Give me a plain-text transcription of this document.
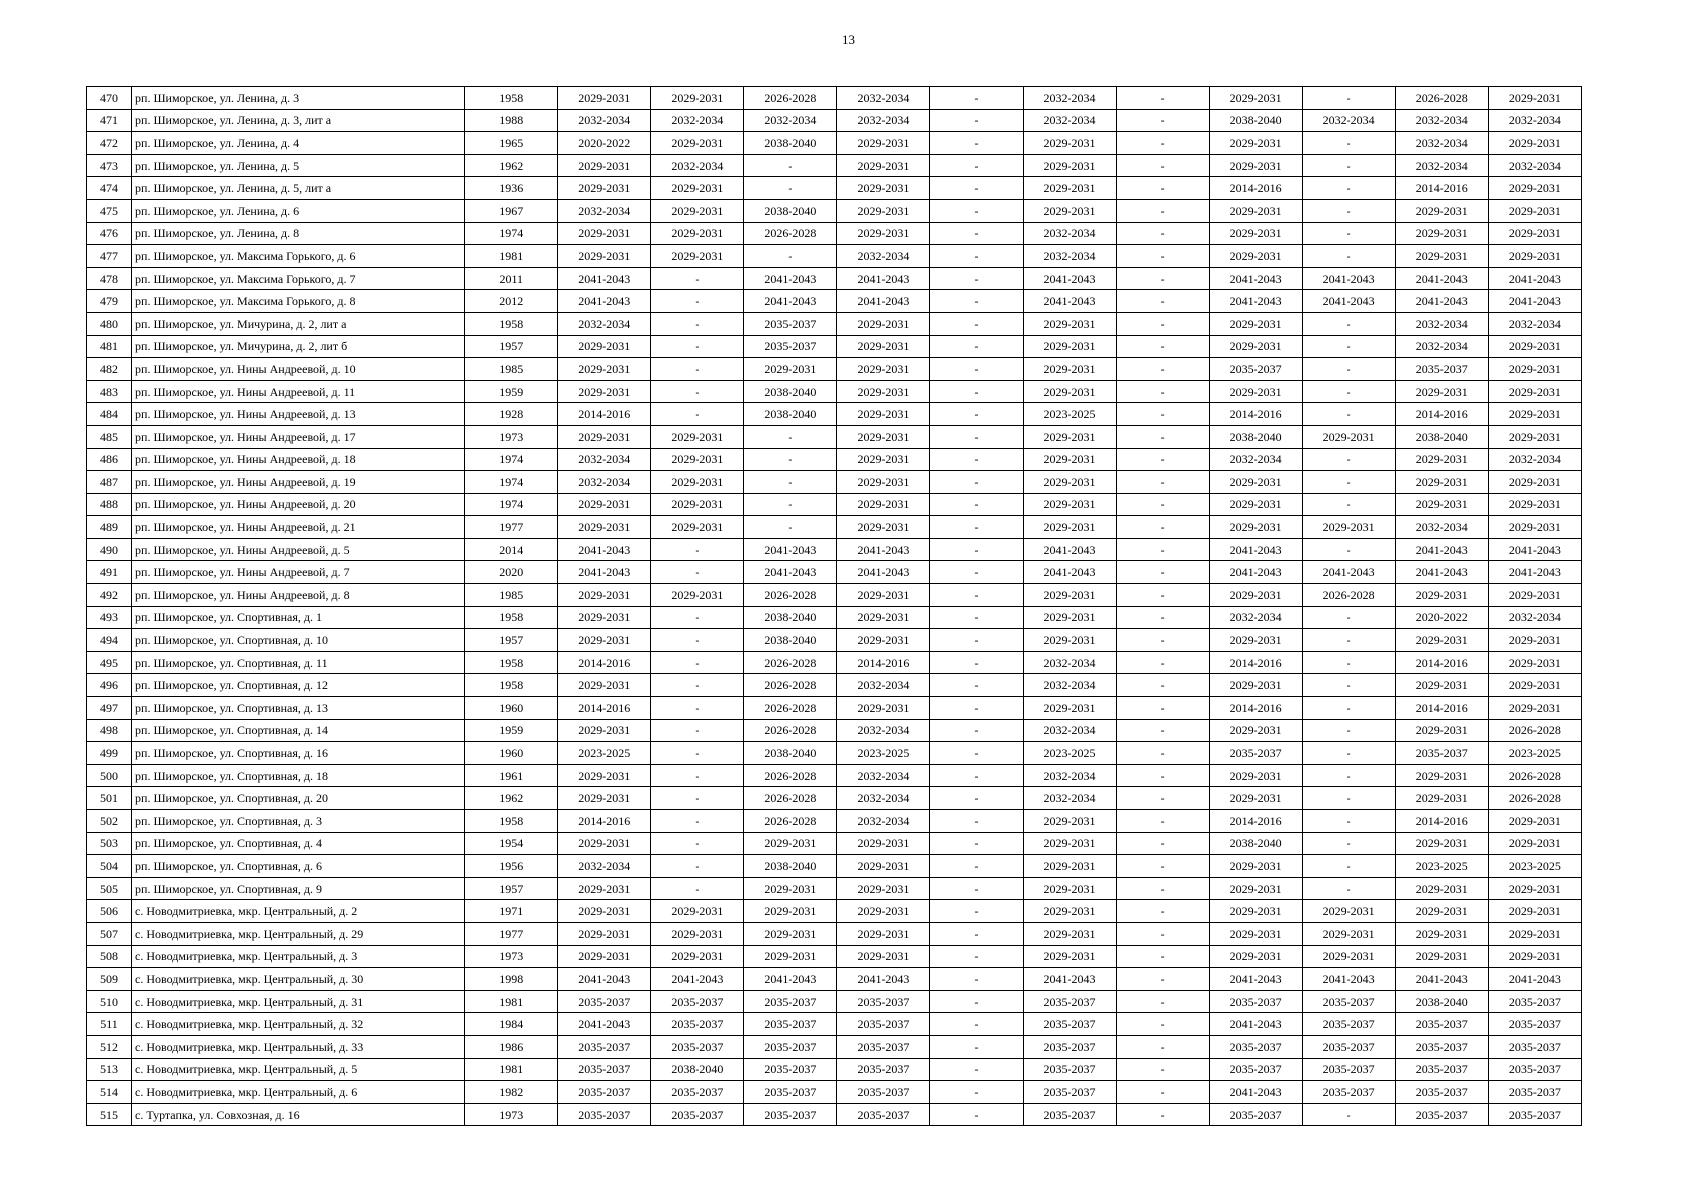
13
470	рп. Шиморское, ул. Ленина, д. 3	1958	2029-2031	2029-2031	2026-2028	2032-2034	-	2032-2034	-	2029-2031	-	2026-2028	2029-2031
471	рп. Шиморское, ул. Ленина, д. 3, лит а	1988	2032-2034	2032-2034	2032-2034	2032-2034	-	2032-2034	-	2038-2040	2032-2034	2032-2034	2032-2034
472	рп. Шиморское, ул. Ленина, д. 4	1965	2020-2022	2029-2031	2038-2040	2029-2031	-	2029-2031	-	2029-2031	-	2032-2034	2029-2031
473	рп. Шиморское, ул. Ленина, д. 5	1962	2029-2031	2032-2034	-	2029-2031	-	2029-2031	-	2029-2031	-	2032-2034	2032-2034
474	рп. Шиморское, ул. Ленина, д. 5, лит а	1936	2029-2031	2029-2031	-	2029-2031	-	2029-2031	-	2014-2016	-	2014-2016	2029-2031
475	рп. Шиморское, ул. Ленина, д. 6	1967	2032-2034	2029-2031	2038-2040	2029-2031	-	2029-2031	-	2029-2031	-	2029-2031	2029-2031
476	рп. Шиморское, ул. Ленина, д. 8	1974	2029-2031	2029-2031	2026-2028	2029-2031	-	2032-2034	-	2029-2031	-	2029-2031	2029-2031
477	рп. Шиморское, ул. Максима Горького, д. 6	1981	2029-2031	2029-2031	-	2032-2034	-	2032-2034	-	2029-2031	-	2029-2031	2029-2031
478	рп. Шиморское, ул. Максима Горького, д. 7	2011	2041-2043	-	2041-2043	2041-2043	-	2041-2043	-	2041-2043	2041-2043	2041-2043	2041-2043
479	рп. Шиморское, ул. Максима Горького, д. 8	2012	2041-2043	-	2041-2043	2041-2043	-	2041-2043	-	2041-2043	2041-2043	2041-2043	2041-2043
480	рп. Шиморское, ул. Мичурина, д. 2, лит а	1958	2032-2034	-	2035-2037	2029-2031	-	2029-2031	-	2029-2031	-	2032-2034	2032-2034
481	рп. Шиморское, ул. Мичурина, д. 2, лит б	1957	2029-2031	-	2035-2037	2029-2031	-	2029-2031	-	2029-2031	-	2032-2034	2029-2031
482	рп. Шиморское, ул. Нины Андреевой, д. 10	1985	2029-2031	-	2029-2031	2029-2031	-	2029-2031	-	2035-2037	-	2035-2037	2029-2031
483	рп. Шиморское, ул. Нины Андреевой, д. 11	1959	2029-2031	-	2038-2040	2029-2031	-	2029-2031	-	2029-2031	-	2029-2031	2029-2031
484	рп. Шиморское, ул. Нины Андреевой, д. 13	1928	2014-2016	-	2038-2040	2029-2031	-	2023-2025	-	2014-2016	-	2014-2016	2029-2031
485	рп. Шиморское, ул. Нины Андреевой, д. 17	1973	2029-2031	2029-2031	-	2029-2031	-	2029-2031	-	2038-2040	2029-2031	2038-2040	2029-2031
486	рп. Шиморское, ул. Нины Андреевой, д. 18	1974	2032-2034	2029-2031	-	2029-2031	-	2029-2031	-	2032-2034	-	2029-2031	2032-2034
487	рп. Шиморское, ул. Нины Андреевой, д. 19	1974	2032-2034	2029-2031	-	2029-2031	-	2029-2031	-	2029-2031	-	2029-2031	2029-2031
488	рп. Шиморское, ул. Нины Андреевой, д. 20	1974	2029-2031	2029-2031	-	2029-2031	-	2029-2031	-	2029-2031	-	2029-2031	2029-2031
489	рп. Шиморское, ул. Нины Андреевой, д. 21	1977	2029-2031	2029-2031	-	2029-2031	-	2029-2031	-	2029-2031	2029-2031	2032-2034	2029-2031
490	рп. Шиморское, ул. Нины Андреевой, д. 5	2014	2041-2043	-	2041-2043	2041-2043	-	2041-2043	-	2041-2043	-	2041-2043	2041-2043
491	рп. Шиморское, ул. Нины Андреевой, д. 7	2020	2041-2043	-	2041-2043	2041-2043	-	2041-2043	-	2041-2043	2041-2043	2041-2043	2041-2043
492	рп. Шиморское, ул. Нины Андреевой, д. 8	1985	2029-2031	2029-2031	2026-2028	2029-2031	-	2029-2031	-	2029-2031	2026-2028	2029-2031	2029-2031
493	рп. Шиморское, ул. Спортивная, д. 1	1958	2029-2031	-	2038-2040	2029-2031	-	2029-2031	-	2032-2034	-	2020-2022	2032-2034
494	рп. Шиморское, ул. Спортивная, д. 10	1957	2029-2031	-	2038-2040	2029-2031	-	2029-2031	-	2029-2031	-	2029-2031	2029-2031
495	рп. Шиморское, ул. Спортивная, д. 11	1958	2014-2016	-	2026-2028	2014-2016	-	2032-2034	-	2014-2016	-	2014-2016	2029-2031
496	рп. Шиморское, ул. Спортивная, д. 12	1958	2029-2031	-	2026-2028	2032-2034	-	2032-2034	-	2029-2031	-	2029-2031	2029-2031
497	рп. Шиморское, ул. Спортивная, д. 13	1960	2014-2016	-	2026-2028	2029-2031	-	2029-2031	-	2014-2016	-	2014-2016	2029-2031
498	рп. Шиморское, ул. Спортивная, д. 14	1959	2029-2031	-	2026-2028	2032-2034	-	2032-2034	-	2029-2031	-	2029-2031	2026-2028
499	рп. Шиморское, ул. Спортивная, д. 16	1960	2023-2025	-	2038-2040	2023-2025	-	2023-2025	-	2035-2037	-	2035-2037	2023-2025
500	рп. Шиморское, ул. Спортивная, д. 18	1961	2029-2031	-	2026-2028	2032-2034	-	2032-2034	-	2029-2031	-	2029-2031	2026-2028
501	рп. Шиморское, ул. Спортивная, д. 20	1962	2029-2031	-	2026-2028	2032-2034	-	2032-2034	-	2029-2031	-	2029-2031	2026-2028
502	рп. Шиморское, ул. Спортивная, д. 3	1958	2014-2016	-	2026-2028	2032-2034	-	2029-2031	-	2014-2016	-	2014-2016	2029-2031
503	рп. Шиморское, ул. Спортивная, д. 4	1954	2029-2031	-	2029-2031	2029-2031	-	2029-2031	-	2038-2040	-	2029-2031	2029-2031
504	рп. Шиморское, ул. Спортивная, д. 6	1956	2032-2034	-	2038-2040	2029-2031	-	2029-2031	-	2029-2031	-	2023-2025	2023-2025
505	рп. Шиморское, ул. Спортивная, д. 9	1957	2029-2031	-	2029-2031	2029-2031	-	2029-2031	-	2029-2031	-	2029-2031	2029-2031
506	с. Новодмитриевка, мкр. Центральный, д. 2	1971	2029-2031	2029-2031	2029-2031	2029-2031	-	2029-2031	-	2029-2031	2029-2031	2029-2031	2029-2031
507	с. Новодмитриевка, мкр. Центральный, д. 29	1977	2029-2031	2029-2031	2029-2031	2029-2031	-	2029-2031	-	2029-2031	2029-2031	2029-2031	2029-2031
508	с. Новодмитриевка, мкр. Центральный, д. 3	1973	2029-2031	2029-2031	2029-2031	2029-2031	-	2029-2031	-	2029-2031	2029-2031	2029-2031	2029-2031
509	с. Новодмитриевка, мкр. Центральный, д. 30	1998	2041-2043	2041-2043	2041-2043	2041-2043	-	2041-2043	-	2041-2043	2041-2043	2041-2043	2041-2043
510	с. Новодмитриевка, мкр. Центральный, д. 31	1981	2035-2037	2035-2037	2035-2037	2035-2037	-	2035-2037	-	2035-2037	2035-2037	2038-2040	2035-2037
511	с. Новодмитриевка, мкр. Центральный, д. 32	1984	2041-2043	2035-2037	2035-2037	2035-2037	-	2035-2037	-	2041-2043	2035-2037	2035-2037	2035-2037
512	с. Новодмитриевка, мкр. Центральный, д. 33	1986	2035-2037	2035-2037	2035-2037	2035-2037	-	2035-2037	-	2035-2037	2035-2037	2035-2037	2035-2037
513	с. Новодмитриевка, мкр. Центральный, д. 5	1981	2035-2037	2038-2040	2035-2037	2035-2037	-	2035-2037	-	2035-2037	2035-2037	2035-2037	2035-2037
514	с. Новодмитриевка, мкр. Центральный, д. 6	1982	2035-2037	2035-2037	2035-2037	2035-2037	-	2035-2037	-	2041-2043	2035-2037	2035-2037	2035-2037
515	с. Туртапка, ул. Совхозная, д. 16	1973	2035-2037	2035-2037	2035-2037	2035-2037	-	2035-2037	-	2035-2037	-	2035-2037	2035-2037
